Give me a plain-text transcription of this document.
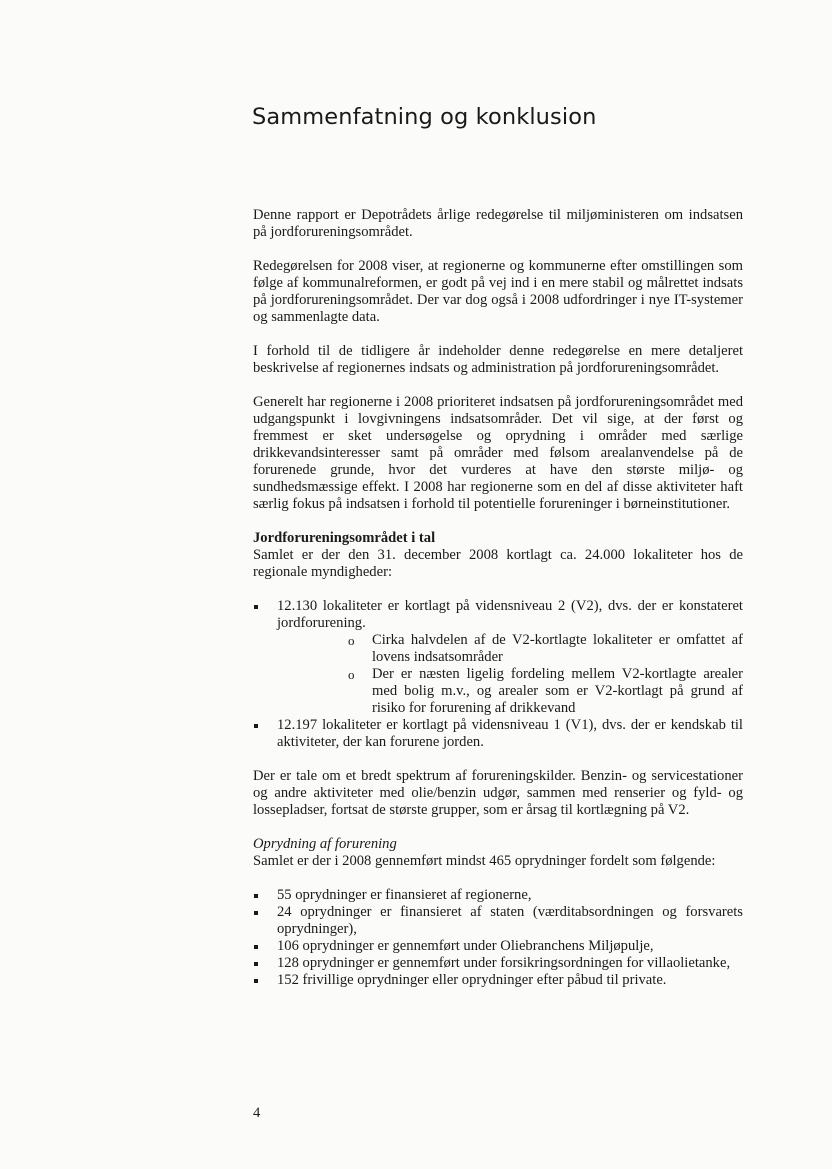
Sammenfatning og konklusion

Denne rapport er Depotrådets årlige redegørelse til miljøministeren om indsatsen på jordforureningsområdet.

Redegørelsen for 2008 viser, at regionerne og kommunerne efter omstillingen som følge af kommunalreformen, er godt på vej ind i en mere stabil og målrettet indsats på jordforureningsområdet. Der var dog også i 2008 udfordringer i nye IT-systemer og sammenlagte data.

I forhold til de tidligere år indeholder denne redegørelse en mere detaljeret beskrivelse af regionernes indsats og administration på jordforureningsområdet.

Generelt har regionerne i 2008 prioriteret indsatsen på jordforureningsområdet med udgangspunkt i lovgivningens indsatsområder. Det vil sige, at der først og fremmest er sket undersøgelse og oprydning i områder med særlige drikkevandsinteresser samt på områder med følsom arealanvendelse på de forurenede grunde, hvor det vurderes at have den største miljø- og sundhedsmæssige effekt. I 2008 har regionerne som en del af disse aktiviteter haft særlig fokus på indsatsen i forhold til potentielle forureninger i børneinstitutioner.

Jordforureningsområdet i tal

Samlet er der den 31. december 2008 kortlagt ca. 24.000 lokaliteter hos de regionale myndigheder:

12.130 lokaliteter er kortlagt på vidensniveau 2 (V2), dvs. der er konstateret jordforurening.
o Cirka halvdelen af de V2-kortlagte lokaliteter er omfattet af lovens indsatsområder
o Der er næsten ligelig fordeling mellem V2-kortlagte arealer med bolig m.v., og arealer som er V2-kortlagt på grund af risiko for forurening af drikkevand
12.197 lokaliteter er kortlagt på vidensniveau 1 (V1), dvs. der er kendskab til aktiviteter, der kan forurene jorden.

Der er tale om et bredt spektrum af forureningskilder. Benzin- og servicestationer og andre aktiviteter med olie/benzin udgør, sammen med renserier og fyld- og lossepladser, fortsat de største grupper, som er årsag til kortlægning på V2.

Oprydning af forurening

Samlet er der i 2008 gennemført mindst 465 oprydninger fordelt som følgende:

55 oprydninger er finansieret af regionerne,
24 oprydninger er finansieret af staten (værditabsordningen og forsvarets oprydninger),
106 oprydninger er gennemført under Oliebranchens Miljøpulje,
128 oprydninger er gennemført under forsikringsordningen for villaolietanke,
152 frivillige oprydninger eller oprydninger efter påbud til private.
4
